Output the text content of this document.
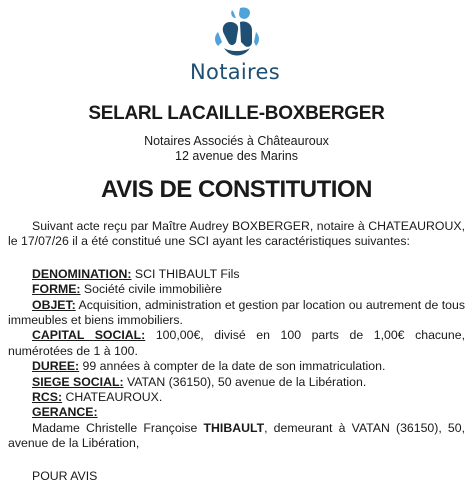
Notaires
SELARL LACAILLE-BOXBERGER
Notaires Associés à Châteauroux
12 avenue des Marins
AVIS DE CONSTITUTION

Suivant acte reçu par Maître Audrey BOXBERGER, notaire à CHATEAUROUX, le 17/07/26 il a été constitué une SCI ayant les caractéristiques suivantes:

DENOMINATION: SCI THIBAULT Fils

FORME: Société civile immobilière

OBJET: Acquisition, administration et gestion par location ou autrement de tous immeubles et biens immobiliers.

CAPITAL SOCIAL: 100,00€, divisé en 100 parts de 1,00€ chacune, numérotées de 1 à 100.

DUREE: 99 années à compter de la date de son immatriculation.

SIEGE SOCIAL: VATAN (36150), 50 avenue de la Libération.

RCS: CHATEAUROUX.

GERANCE:

Madame Christelle Françoise THIBAULT, demeurant à VATAN (36150), 50, avenue de la Libération,

POUR AVIS
